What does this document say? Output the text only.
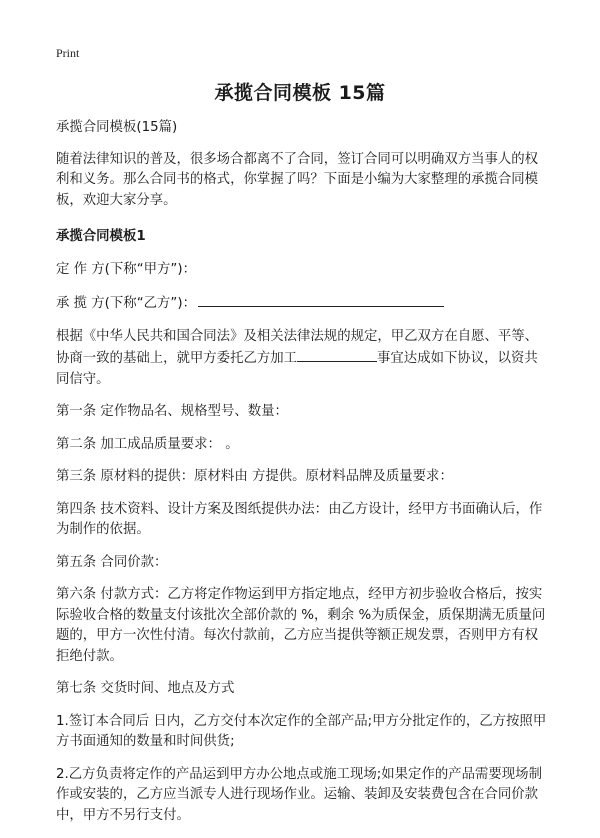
Print
承揽合同模板 15篇

承揽合同模板(15篇)

随着法律知识的普及，很多场合都离不了合同，签订合同可以明确双方当事人的权利和义务。那么合同书的格式，你掌握了吗？下面是小编为大家整理的承揽合同模板，欢迎大家分享。

承揽合同模板1

定 作 方(下称“甲方”)：

承 揽 方(下称“乙方”)：

根据《中华人民共和国合同法》及相关法律法规的规定，甲乙双方在自愿、平等、协商一致的基础上，就甲方委托乙方加工	事宜达成如下协议，以资共同信守。

第一条 定作物品名、规格型号、数量：

第二条 加工成品质量要求： 。

第三条 原材料的提供：原材料由 方提供。原材料品牌及质量要求：

第四条 技术资料、设计方案及图纸提供办法：由乙方设计，经甲方书面确认后，作为制作的依据。

第五条 合同价款：

第六条 付款方式：乙方将定作物运到甲方指定地点，经甲方初步验收合格后，按实际验收合格的数量支付该批次全部价款的 %，剩余 %为质保金，质保期满无质量问题的，甲方一次性付清。每次付款前，乙方应当提供等额正规发票，否则甲方有权拒绝付款。

第七条 交货时间、地点及方式

1.签订本合同后 日内，乙方交付本次定作的全部产品;甲方分批定作的，乙方按照甲方书面通知的数量和时间供货;

2.乙方负责将定作的产品运到甲方办公地点或施工现场;如果定作的产品需要现场制作或安装的，乙方应当派专人进行现场作业。运输、装卸及安装费包含在合同价款中，甲方不另行支付。
